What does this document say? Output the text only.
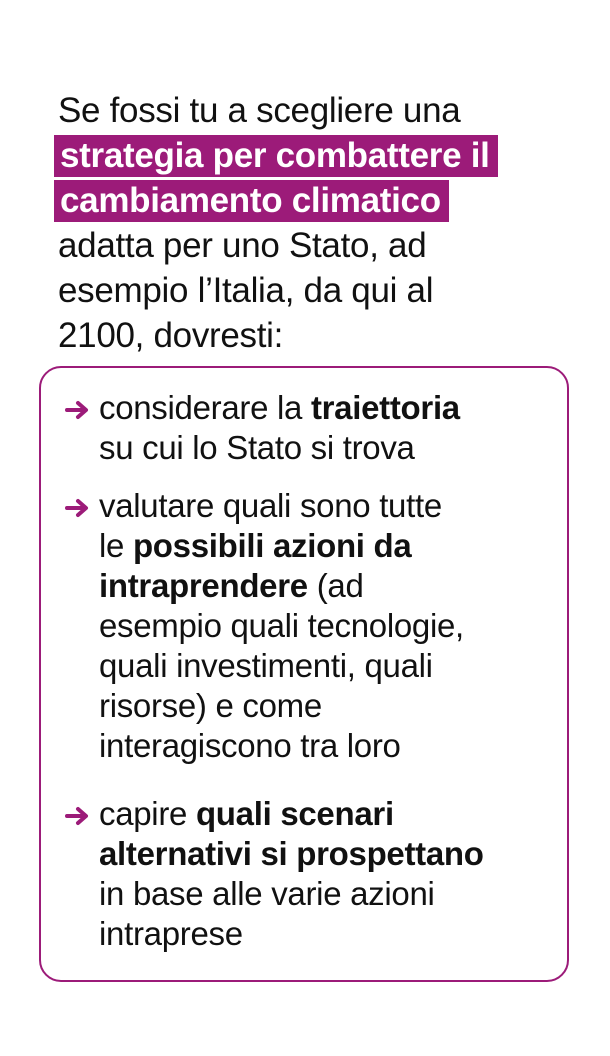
Se fossi tu a scegliere una
strategia per combattere il
cambiamento climatico
adatta per uno Stato, ad
esempio l’Italia, da qui al
2100, dovresti:
considerare la traiettoria
su cui lo Stato si trova
valutare quali sono tutte
le possibili azioni da
intraprendere (ad
esempio quali tecnologie,
quali investimenti, quali
risorse) e come
interagiscono tra loro
capire quali scenari
alternativi si prospettano
in base alle varie azioni
intraprese
